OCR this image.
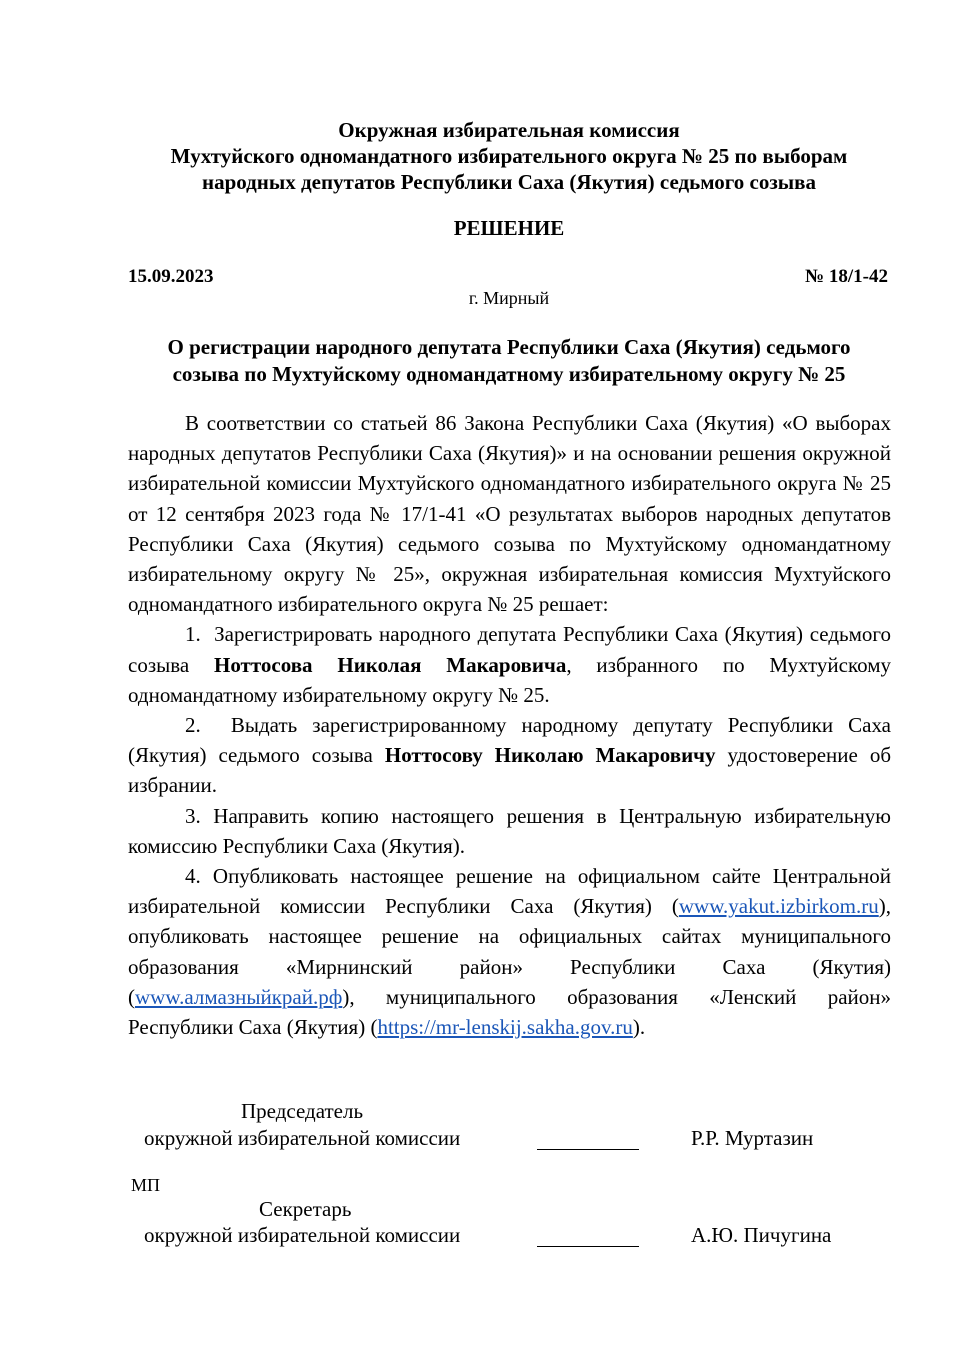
Окружная избирательная комиссия
Мухтуйского одномандатного избирательного округа № 25 по выборам
народных депутатов Республики Саха (Якутия) седьмого созыва
РЕШЕНИЕ
15.09.2023	№ 18/1-42
г. Мирный
О регистрации народного депутата Республики Саха (Якутия) седьмого
созыва по Мухтуйскому одномандатному избирательному округу № 25

В соответствии со статьей 86 Закона Республики Саха (Якутия) «О выборах народных депутатов Республики Саха (Якутия)» и на основании решения окружной избирательной комиссии Мухтуйского одномандатного избирательного округа № 25 от 12 сентября 2023 года № 17/1-41 «О результатах выборов народных депутатов Республики Саха (Якутия) седьмого созыва по Мухтуйскому одномандатному избирательному округу № 25», окружная избирательная комиссия Мухтуйского одномандатного избирательного округа № 25 решает:

1.  Зарегистрировать народного депутата Республики Саха (Якутия) седьмого созыва Ноттосова Николая Макаровича, избранного по Мухтуйскому одномандатному избирательному округу № 25.

2.  Выдать зарегистрированному народному депутату Республики Саха (Якутия) седьмого созыва Ноттосову Николаю Макаровичу удостоверение об избрании.

3. Направить копию настоящего решения в Центральную избирательную комиссию Республики Саха (Якутия).

4. Опубликовать настоящее решение на официальном сайте Центральной избирательной комиссии Республики Саха (Якутия) (www.yakut.izbirkom.ru), опубликовать настоящее решение на официальных сайтах муниципального образования «Мирнинский район» Республики Саха (Якутия) (www.алмазныйкрай.рф), муниципального образования «Ленский район» Республики Саха (Якутия) (https://mr-lenskij.sakha.gov.ru).

Председатель
окружной избирательной комиссии	Р.Р. Муртазин
МП
Секретарь
окружной избирательной комиссии	А.Ю. Пичугина
